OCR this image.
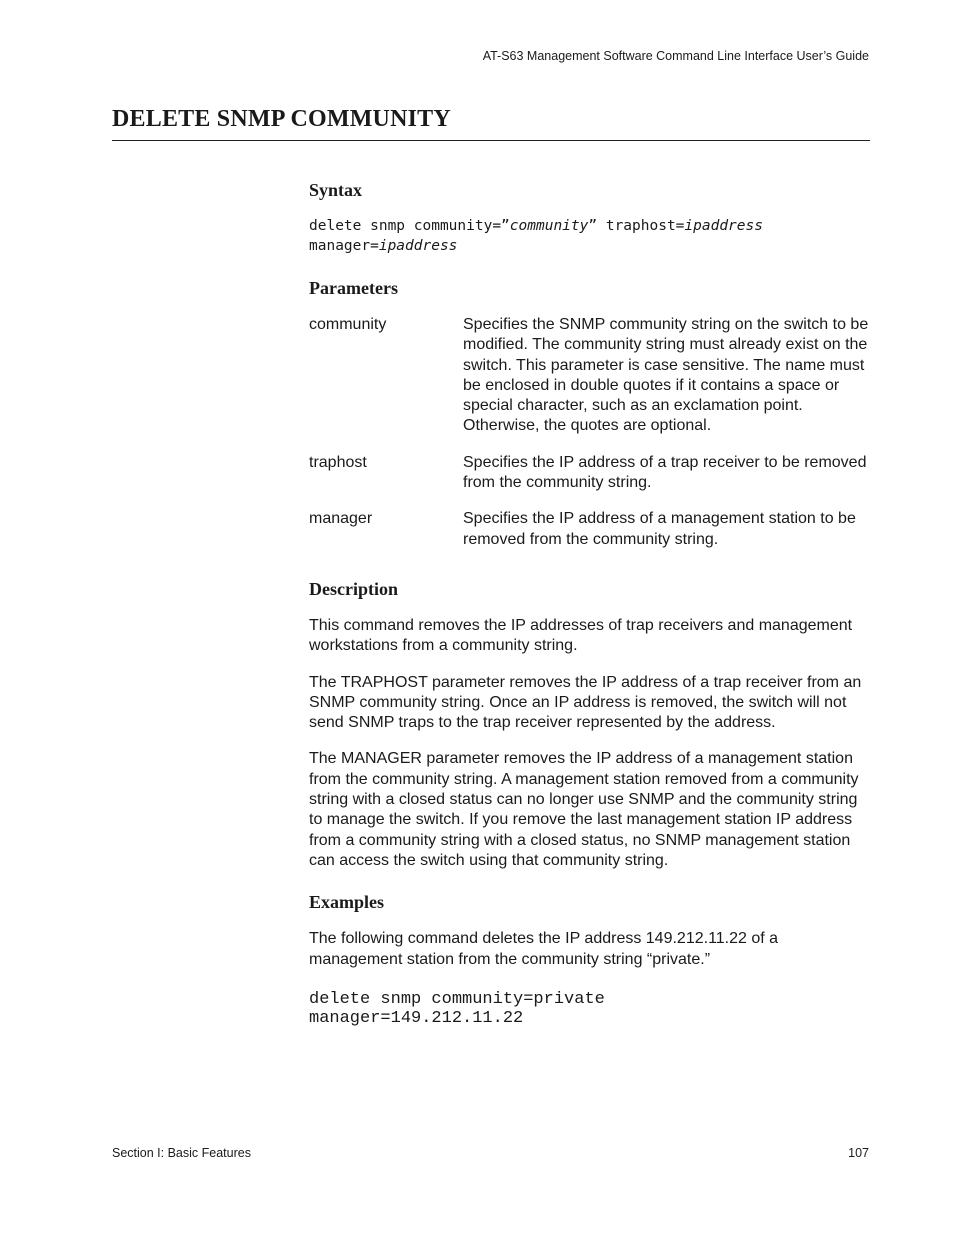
AT-S63 Management Software Command Line Interface User’s Guide
DELETE SNMP COMMUNITY
Syntax
delete snmp community=”community” traphost=ipaddress
manager=ipaddress
Parameters
community	Specifies the SNMP community string on the switch to be modified. The community string must already exist on the switch. This parameter is case sensitive. The name must be enclosed in double quotes if it contains a space or special character, such as an exclamation point. Otherwise, the quotes are optional.
traphost	Specifies the IP address of a trap receiver to be removed from the community string.
manager	Specifies the IP address of a management station to be removed from the community string.
Description

This command removes the IP addresses of trap receivers and management workstations from a community string.

The TRAPHOST parameter removes the IP address of a trap receiver from an SNMP community string. Once an IP address is removed, the switch will not send SNMP traps to the trap receiver represented by the address.

The MANAGER parameter removes the IP address of a management station from the community string. A management station removed from a community string with a closed status can no longer use SNMP and the community string to manage the switch. If you remove the last management station IP address from a community string with a closed status, no SNMP management station can access the switch using that community string.

Examples

The following command deletes the IP address 149.212.11.22 of a management station from the community string “private.”

delete snmp community=private
manager=149.212.11.22
Section I: Basic Features	107
